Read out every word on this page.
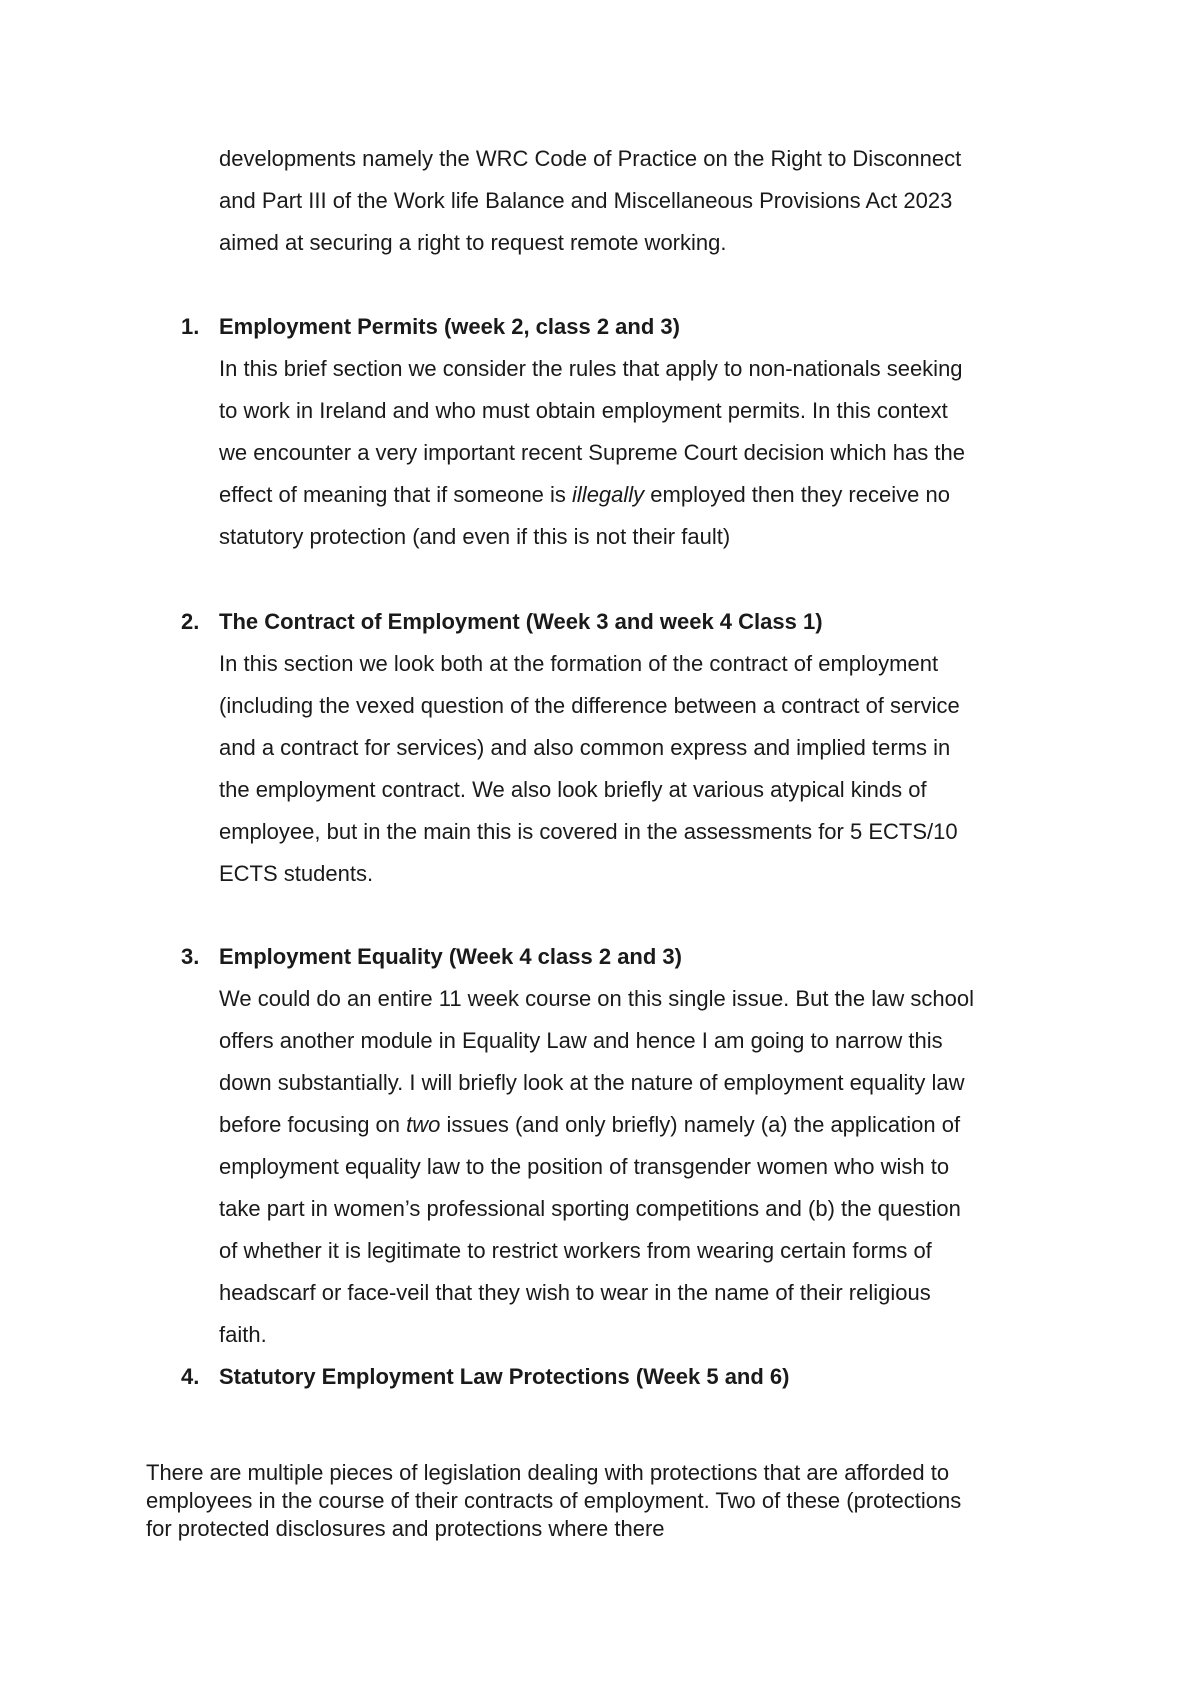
developments namely the WRC Code of Practice on the Right to Disconnect
and Part III of the Work life Balance and Miscellaneous Provisions Act 2023
aimed at securing a right to request remote working.
1. Employment Permits (week 2, class 2 and 3)
In this brief section we consider the rules that apply to non-nationals seeking
to work in Ireland and who must obtain employment permits. In this context
we encounter a very important recent Supreme Court decision which has the
effect of meaning that if someone is illegally employed then they receive no
statutory protection (and even if this is not their fault)
2. The Contract of Employment (Week 3 and week 4 Class 1)
In this section we look both at the formation of the contract of employment
(including the vexed question of the difference between a contract of service
and a contract for services) and also common express and implied terms in
the employment contract. We also look briefly at various atypical kinds of
employee, but in the main this is covered in the assessments for 5 ECTS/10
ECTS students.
3. Employment Equality (Week 4 class 2 and 3)
We could do an entire 11 week course on this single issue. But the law school
offers another module in Equality Law and hence I am going to narrow this
down substantially. I will briefly look at the nature of employment equality law
before focusing on two issues (and only briefly) namely (a) the application of
employment equality law to the position of transgender women who wish to
take part in women’s professional sporting competitions and (b) the question
of whether it is legitimate to restrict workers from wearing certain forms of
headscarf or face-veil that they wish to wear in the name of their religious
faith.
4. Statutory Employment Law Protections (Week 5 and 6)
There are multiple pieces of legislation dealing with protections that are afforded to
employees in the course of their contracts of employment. Two of these (protections
for protected disclosures and protections where there
